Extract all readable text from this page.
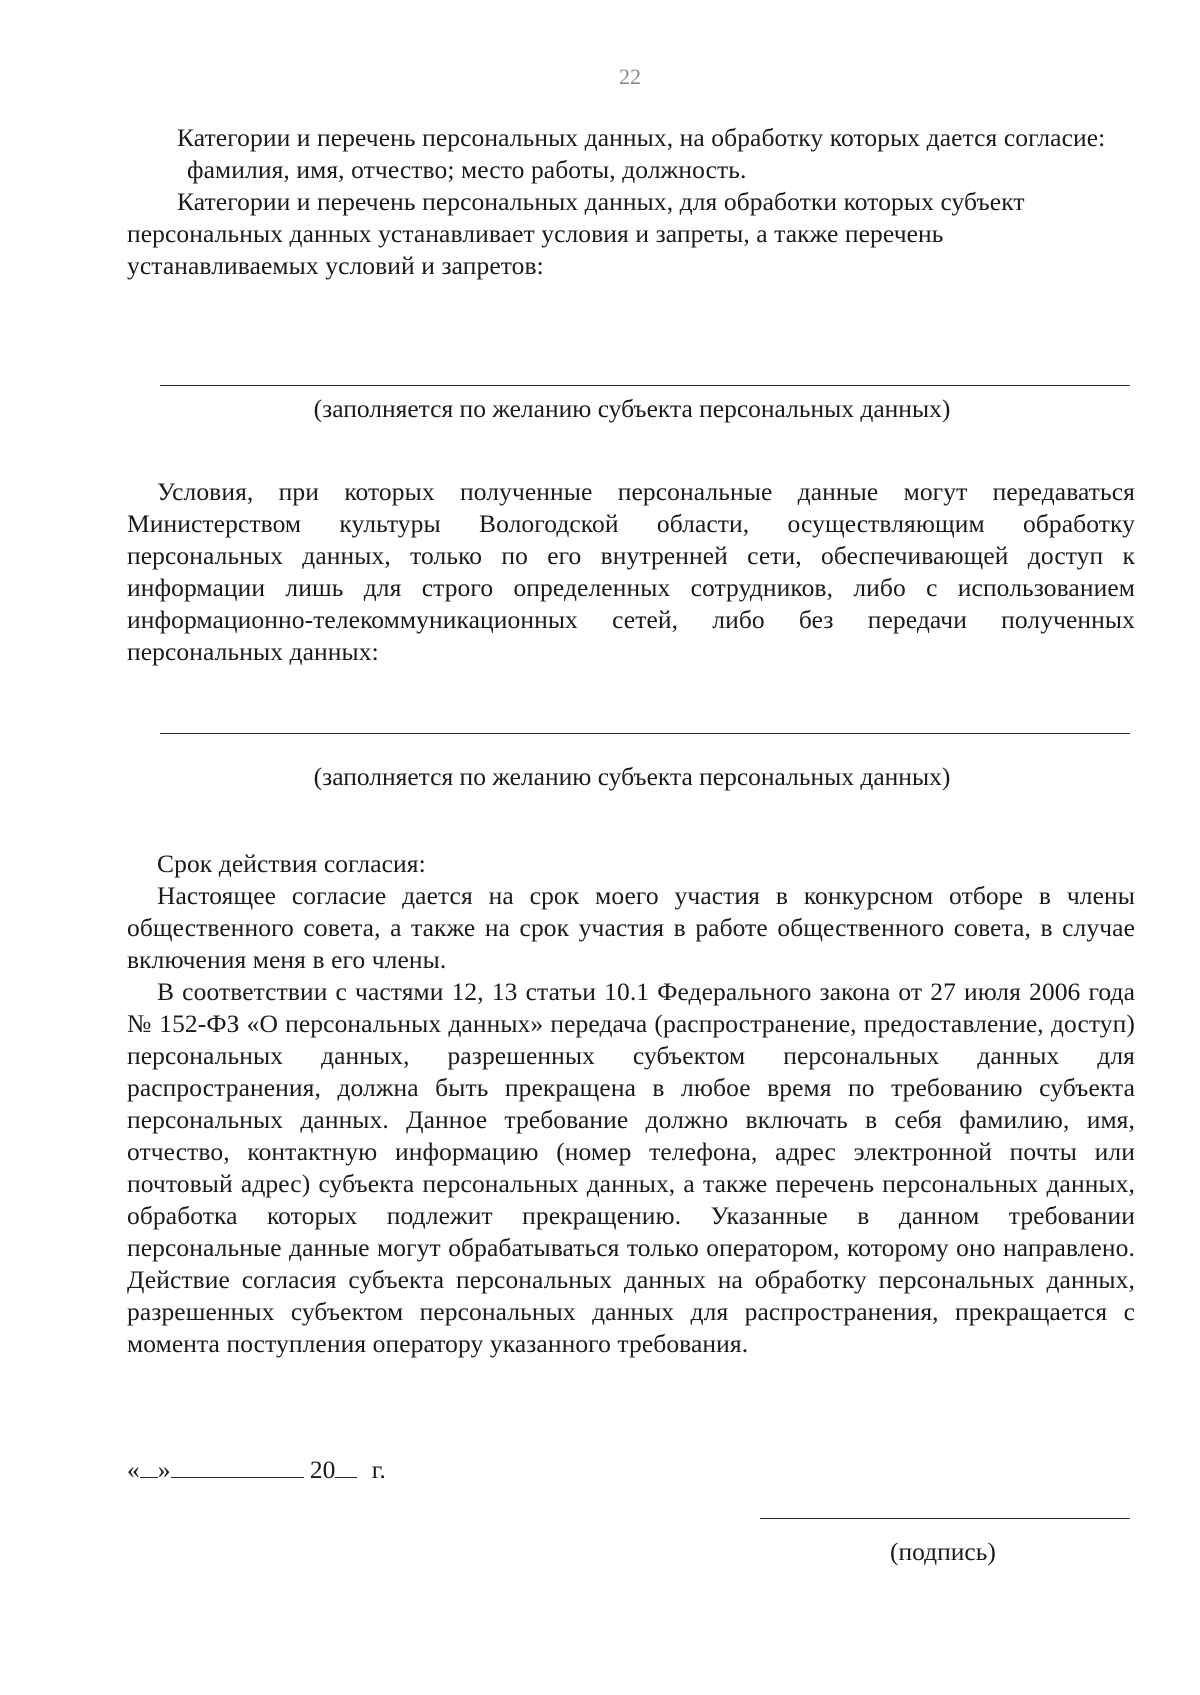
22

Категории и перечень персональных данных, на обработку которых дается согласие:

фамилия, имя, отчество; место работы, должность.

Категории и перечень персональных данных, для обработки которых субъект персональных данных устанавливает условия и запреты, а также перечень устанавливаемых условий и запретов:

(заполняется по желанию субъекта персональных данных)

Условия, при которых полученные персональные данные могут передаваться Министерством культуры Вологодской области, осуществляющим обработку персональных данных, только по его внутренней сети, обеспечивающей доступ к информации лишь для строго определенных сотрудников, либо с использованием информационно-телекоммуникационных сетей, либо без передачи полученных персональных данных:

(заполняется по желанию субъекта персональных данных)

Срок действия согласия:

Настоящее согласие дается на срок моего участия в конкурсном отборе в члены общественного совета, а также на срок участия в работе общественного совета, в случае включения меня в его члены.

В соответствии с частями 12, 13 статьи 10.1 Федерального закона от 27 июля 2006 года № 152-ФЗ «О персональных данных» передача (распространение, предоставление, доступ) персональных данных, разрешенных субъектом персональных данных для распространения, должна быть прекращена в любое время по требованию субъекта персональных данных. Данное требование должно включать в себя фамилию, имя, отчество, контактную информацию (номер телефона, адрес электронной почты или почтовый адрес) субъекта персональных данных, а также перечень персональных данных, обработка которых подлежит прекращению. Указанные в данном требовании персональные данные могут обрабатываться только оператором, которому оно направлено. Действие согласия субъекта персональных данных на обработку персональных данных, разрешенных субъектом персональных данных для распространения, прекращается с момента поступления оператору указанного требования.

« »	20 г.
(подпись)
